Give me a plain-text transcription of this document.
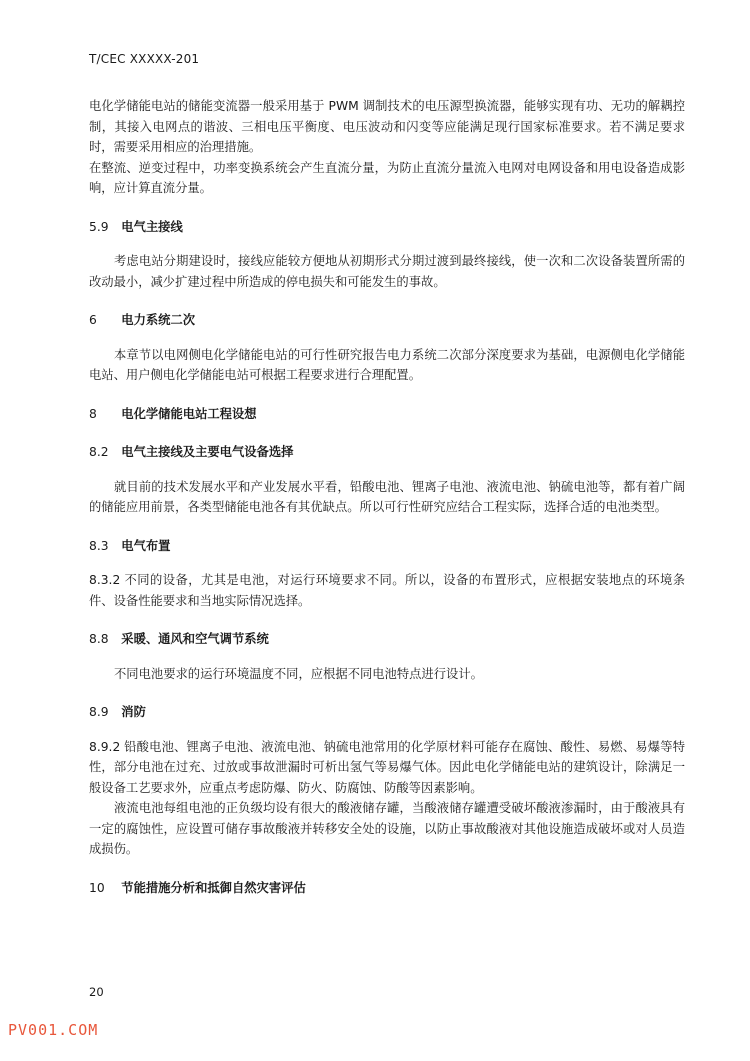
T/CEC XXXXX-201

电化学储能电站的储能变流器一般采用基于 PWM 调制技术的电压源型换流器，能够实现有功、无功的解耦控制，其接入电网点的谐波、三相电压平衡度、电压波动和闪变等应能满足现行国家标准要求。若不满足要求时，需要采用相应的治理措施。

在整流、逆变过程中，功率变换系统会产生直流分量，为防止直流分量流入电网对电网设备和用电设备造成影响，应计算直流分量。

5.9 电气主接线

考虑电站分期建设时，接线应能较方便地从初期形式分期过渡到最终接线，使一次和二次设备装置所需的改动最小，减少扩建过程中所造成的停电损失和可能发生的事故。

6 电力系统二次

本章节以电网侧电化学储能电站的可行性研究报告电力系统二次部分深度要求为基础，电源侧电化学储能电站、用户侧电化学储能电站可根据工程要求进行合理配置。

8 电化学储能电站工程设想

8.2 电气主接线及主要电气设备选择

就目前的技术发展水平和产业发展水平看，铅酸电池、锂离子电池、液流电池、钠硫电池等，都有着广阔的储能应用前景，各类型储能电池各有其优缺点。所以可行性研究应结合工程实际，选择合适的电池类型。

8.3 电气布置

8.3.2 不同的设备，尤其是电池，对运行环境要求不同。所以，设备的布置形式，应根据安装地点的环境条件、设备性能要求和当地实际情况选择。

8.8 采暖、通风和空气调节系统

不同电池要求的运行环境温度不同，应根据不同电池特点进行设计。

8.9 消防

8.9.2 铅酸电池、锂离子电池、液流电池、钠硫电池常用的化学原材料可能存在腐蚀、酸性、易燃、易爆等特性，部分电池在过充、过放或事故泄漏时可析出氢气等易爆气体。因此电化学储能电站的建筑设计，除满足一般设备工艺要求外，应重点考虑防爆、防火、防腐蚀、防酸等因素影响。

液流电池每组电池的正负级均设有很大的酸液储存罐，当酸液储存罐遭受破坏酸液渗漏时，由于酸液具有一定的腐蚀性，应设置可储存事故酸液并转移安全处的设施，以防止事故酸液对其他设施造成破坏或对人员造成损伤。

10 节能措施分析和抵御自然灾害评估

20
PV001.COM
